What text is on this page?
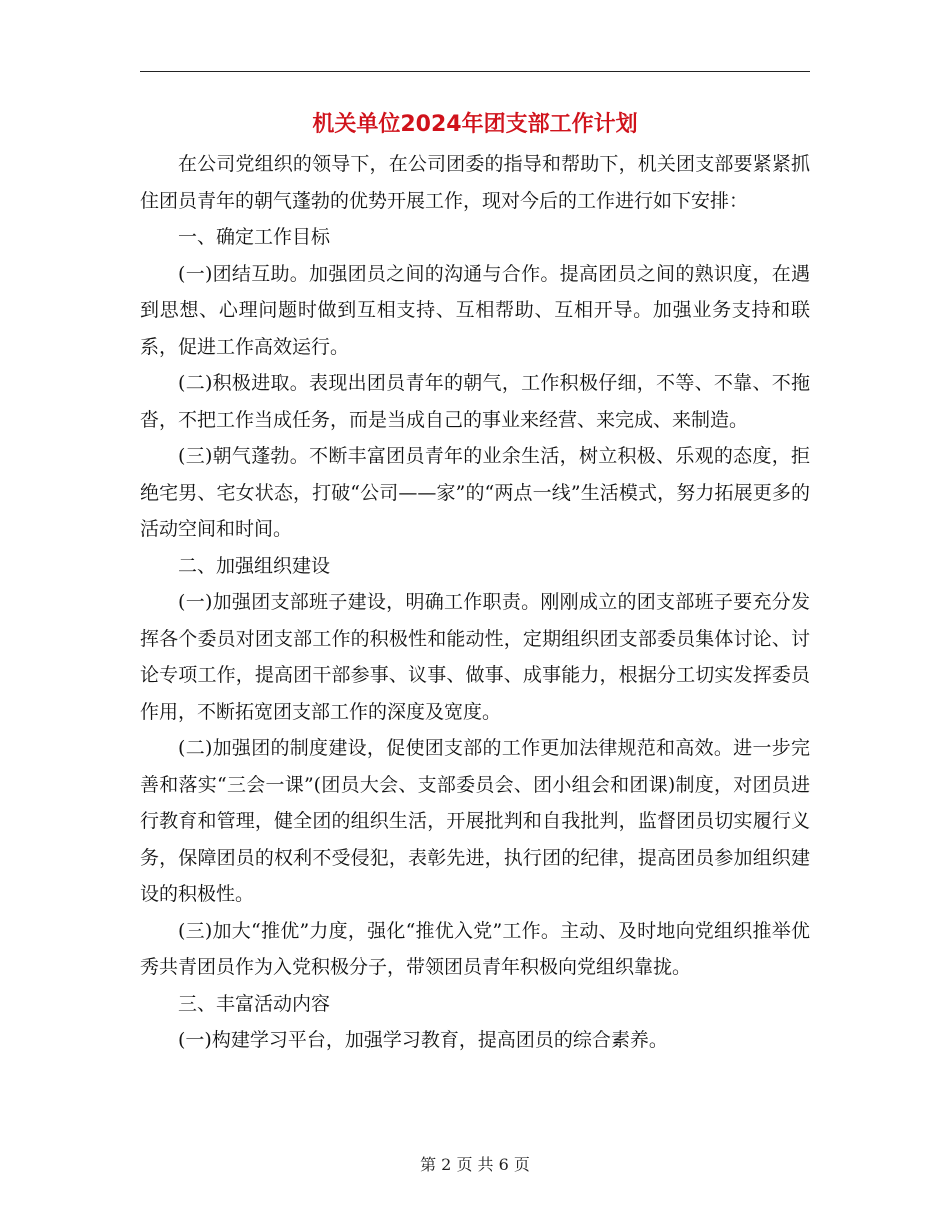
机关单位2024年团支部工作计划

在公司党组织的领导下，在公司团委的指导和帮助下，机关团支部要紧紧抓住团员青年的朝气蓬勃的优势开展工作，现对今后的工作进行如下安排：

一、确定工作目标

(一)团结互助。加强团员之间的沟通与合作。提高团员之间的熟识度，在遇到思想、心理问题时做到互相支持、互相帮助、互相开导。加强业务支持和联系，促进工作高效运行。

(二)积极进取。表现出团员青年的朝气，工作积极仔细，不等、不靠、不拖沓，不把工作当成任务，而是当成自己的事业来经营、来完成、来制造。

(三)朝气蓬勃。不断丰富团员青年的业余生活，树立积极、乐观的态度，拒绝宅男、宅女状态，打破“公司——家”的“两点一线”生活模式，努力拓展更多的活动空间和时间。

二、加强组织建设

(一)加强团支部班子建设，明确工作职责。刚刚成立的团支部班子要充分发挥各个委员对团支部工作的积极性和能动性，定期组织团支部委员集体讨论、讨论专项工作，提高团干部参事、议事、做事、成事能力，根据分工切实发挥委员作用，不断拓宽团支部工作的深度及宽度。

(二)加强团的制度建设，促使团支部的工作更加法律规范和高效。进一步完善和落实“三会一课”(团员大会、支部委员会、团小组会和团课)制度，对团员进行教育和管理，健全团的组织生活，开展批判和自我批判，监督团员切实履行义务，保障团员的权利不受侵犯，表彰先进，执行团的纪律，提高团员参加组织建设的积极性。

(三)加大“推优”力度，强化“推优入党”工作。主动、及时地向党组织推举优秀共青团员作为入党积极分子，带领团员青年积极向党组织靠拢。

三、丰富活动内容

(一)构建学习平台，加强学习教育，提高团员的综合素养。

第 2 页 共 6 页
